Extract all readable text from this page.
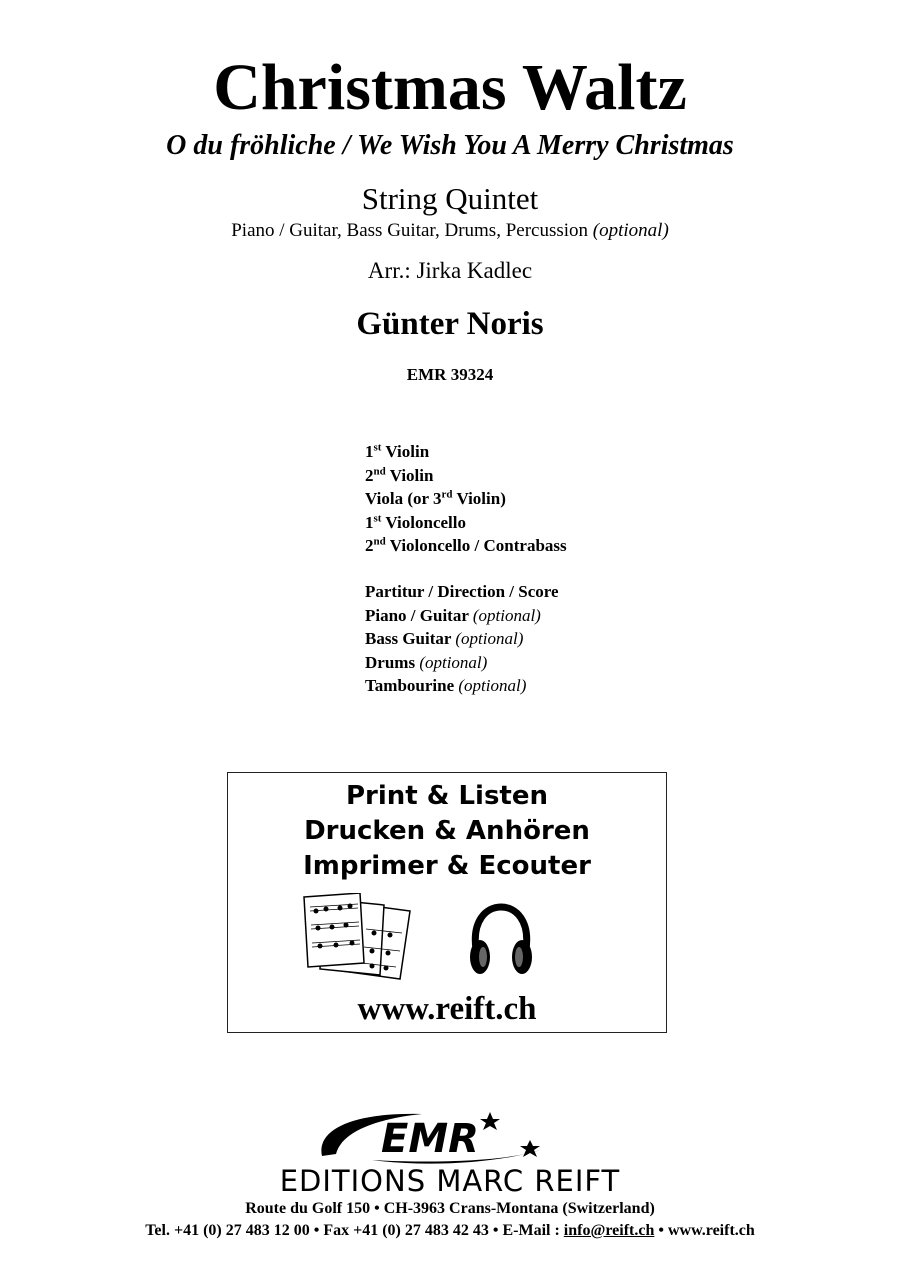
Christmas Waltz
O du fröhliche / We Wish You A Merry Christmas
String Quintet
Piano / Guitar, Bass Guitar, Drums, Percussion (optional)
Arr.: Jirka Kadlec
Günter Noris
EMR 39324
1st Violin
2nd Violin
Viola (or 3rd Violin)
1st Violoncello
2nd Violoncello / Contrabass
Partitur / Direction / Score
Piano / Guitar (optional)
Bass Guitar (optional)
Drums (optional)
Tambourine (optional)
Print & Listen
Drucken & Anhören
Imprimer & Ecouter
www.reift.ch
EMR
EDITIONS MARC REIFT
Route du Golf 150 • CH-3963 Crans-Montana (Switzerland)
Tel. +41 (0) 27 483 12 00 • Fax +41 (0) 27 483 42 43 • E-Mail : info@reift.ch • www.reift.ch
